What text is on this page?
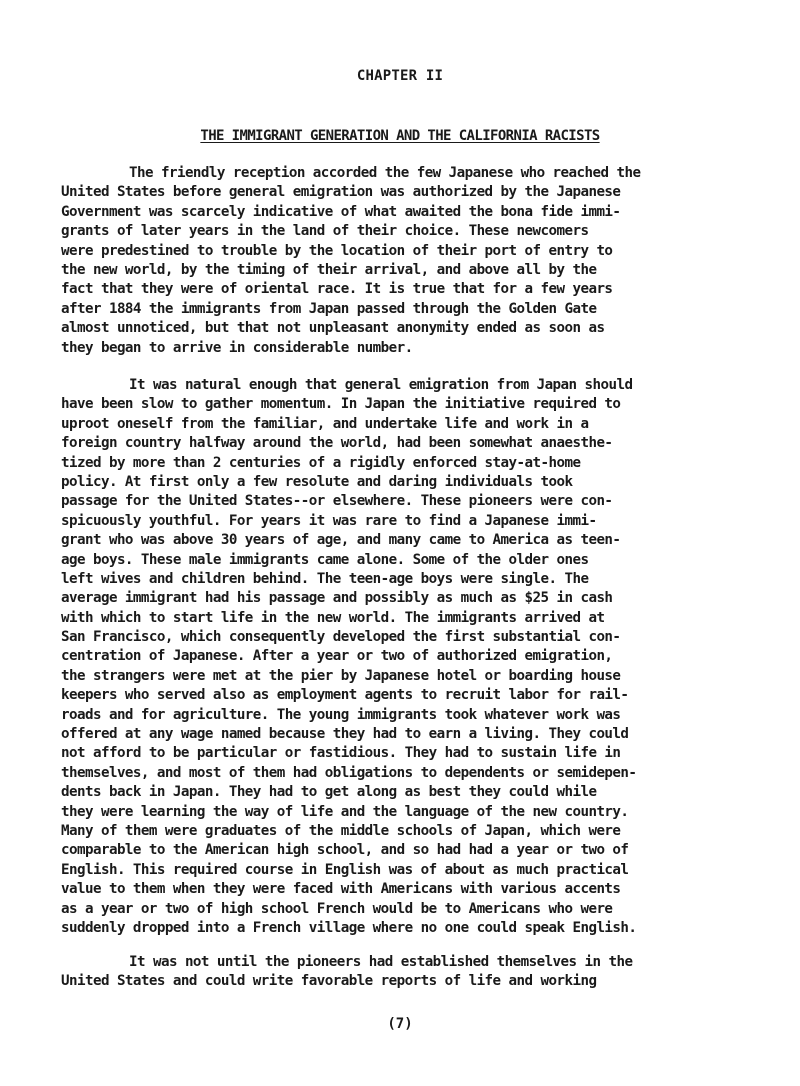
CHAPTER II
THE IMMIGRANT GENERATION AND THE CALIFORNIA RACISTS
The friendly reception accorded the few Japanese who reached the
United States before general emigration was authorized by the Japanese
Government was scarcely indicative of what awaited the bona fide immi-
grants of later years in the land of their choice. These newcomers
were predestined to trouble by the location of their port of entry to
the new world, by the timing of their arrival, and above all by the
fact that they were of oriental race. It is true that for a few years
after 1884 the immigrants from Japan passed through the Golden Gate
almost unnoticed, but that not unpleasant anonymity ended as soon as
they began to arrive in considerable number.
It was natural enough that general emigration from Japan should
have been slow to gather momentum. In Japan the initiative required to
uproot oneself from the familiar, and undertake life and work in a
foreign country halfway around the world, had been somewhat anaesthe-
tized by more than 2 centuries of a rigidly enforced stay-at-home
policy. At first only a few resolute and daring individuals took
passage for the United States--or elsewhere. These pioneers were con-
spicuously youthful. For years it was rare to find a Japanese immi-
grant who was above 30 years of age, and many came to America as teen-
age boys. These male immigrants came alone. Some of the older ones
left wives and children behind. The teen-age boys were single. The
average immigrant had his passage and possibly as much as $25 in cash
with which to start life in the new world. The immigrants arrived at
San Francisco, which consequently developed the first substantial con-
centration of Japanese. After a year or two of authorized emigration,
the strangers were met at the pier by Japanese hotel or boarding house
keepers who served also as employment agents to recruit labor for rail-
roads and for agriculture. The young immigrants took whatever work was
offered at any wage named because they had to earn a living. They could
not afford to be particular or fastidious. They had to sustain life in
themselves, and most of them had obligations to dependents or semidepen-
dents back in Japan. They had to get along as best they could while
they were learning the way of life and the language of the new country.
Many of them were graduates of the middle schools of Japan, which were
comparable to the American high school, and so had had a year or two of
English. This required course in English was of about as much practical
value to them when they were faced with Americans with various accents
as a year or two of high school French would be to Americans who were
suddenly dropped into a French village where no one could speak English.
It was not until the pioneers had established themselves in the
United States and could write favorable reports of life and working
(7)
